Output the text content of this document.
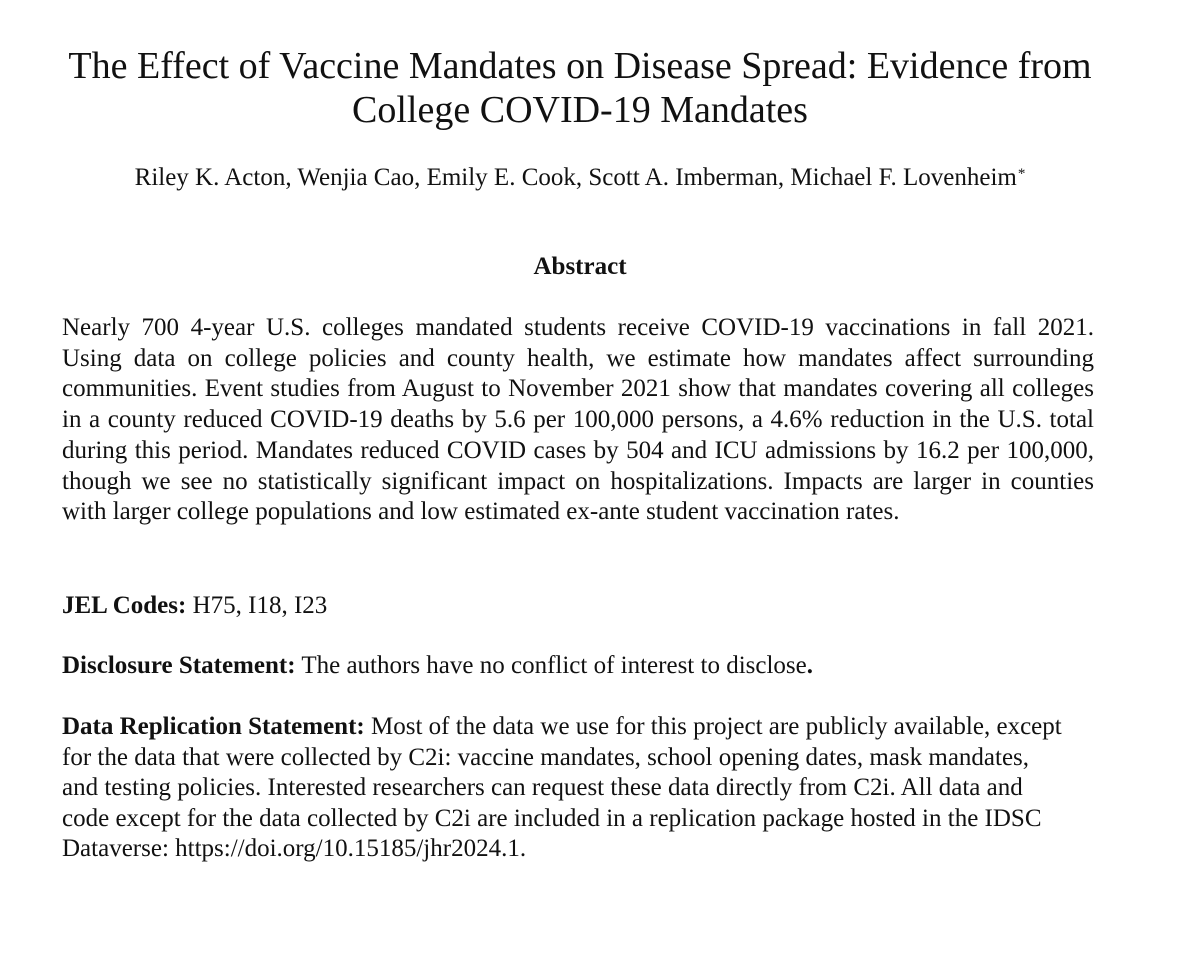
The Effect of Vaccine Mandates on Disease Spread: Evidence from College COVID-19 Mandates
Riley K. Acton, Wenjia Cao, Emily E. Cook, Scott A. Imberman, Michael F. Lovenheim*
Abstract

Nearly 700 4-year U.S. colleges mandated students receive COVID-19 vaccinations in fall 2021. Using data on college policies and county health, we estimate how mandates affect surrounding communities. Event studies from August to November 2021 show that mandates covering all colleges in a county reduced COVID-19 deaths by 5.6 per 100,000 persons, a 4.6% reduction in the U.S. total during this period. Mandates reduced COVID cases by 504 and ICU admissions by 16.2 per 100,000, though we see no statistically significant impact on hospitalizations. Impacts are larger in counties with larger college populations and low estimated ex-ante student vaccination rates.

JEL Codes: H75, I18, I23

Disclosure Statement: The authors have no conflict of interest to disclose.

Data Replication Statement: Most of the data we use for this project are publicly available, except for the data that were collected by C2i: vaccine mandates, school opening dates, mask mandates, and testing policies. Interested researchers can request these data directly from C2i. All data and code except for the data collected by C2i are included in a replication package hosted in the IDSC Dataverse: https://doi.org/10.15185/jhr2024.1.
